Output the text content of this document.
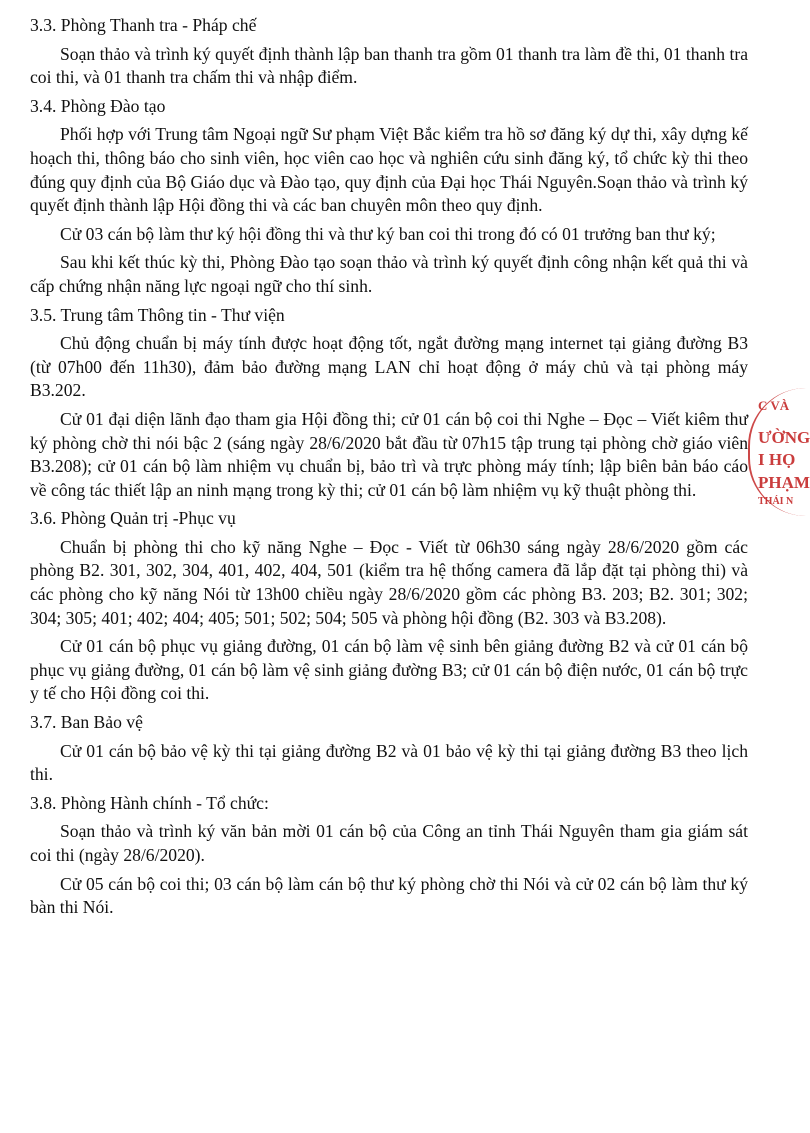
3.3. Phòng Thanh tra - Pháp chế

Soạn thảo và trình ký quyết định thành lập ban thanh tra gồm 01 thanh tra làm đề thi, 01 thanh tra coi thi, và 01 thanh tra chấm thi và nhập điểm.

3.4. Phòng Đào tạo

Phối hợp với Trung tâm Ngoại ngữ Sư phạm Việt Bắc kiểm tra hồ sơ đăng ký dự thi, xây dựng kế hoạch thi, thông báo cho sinh viên, học viên cao học và nghiên cứu sinh đăng ký, tổ chức kỳ thi theo đúng quy định của Bộ Giáo dục và Đào tạo, quy định của Đại học Thái Nguyên.Soạn thảo và trình ký quyết định thành lập Hội đồng thi và các ban chuyên môn theo quy định.

Cử 03 cán bộ làm thư ký hội đồng thi và thư ký ban coi thi trong đó có 01 trưởng ban thư ký;

Sau khi kết thúc kỳ thi, Phòng Đào tạo soạn thảo và trình ký quyết định công nhận kết quả thi và cấp chứng nhận năng lực ngoại ngữ cho thí sinh.

3.5. Trung tâm Thông tin - Thư viện

Chủ động chuẩn bị máy tính được hoạt động tốt, ngắt đường mạng internet tại giảng đường B3 (từ 07h00 đến 11h30), đảm bảo đường mạng LAN chỉ hoạt động ở máy chủ và tại phòng máy B3.202.

Cử 01 đại diện lãnh đạo tham gia Hội đồng thi; cử 01 cán bộ coi thi Nghe – Đọc – Viết kiêm thư ký phòng chờ thi nói bậc 2 (sáng ngày 28/6/2020 bắt đầu từ 07h15 tập trung tại phòng chờ giáo viên B3.208); cử 01 cán bộ làm nhiệm vụ chuẩn bị, bảo trì và trực phòng máy tính; lập biên bản báo cáo về công tác thiết lập an ninh mạng trong kỳ thi; cử 01 cán bộ làm nhiệm vụ kỹ thuật phòng thi.

3.6. Phòng Quản trị -Phục vụ

Chuẩn bị phòng thi cho kỹ năng Nghe – Đọc - Viết từ 06h30 sáng ngày 28/6/2020 gồm các phòng B2. 301, 302, 304, 401, 402, 404, 501 (kiểm tra hệ thống camera đã lắp đặt tại phòng thi) và các phòng cho kỹ năng Nói từ 13h00 chiều ngày 28/6/2020 gồm các phòng B3. 203; B2. 301; 302; 304; 305; 401; 402; 404; 405; 501; 502; 504; 505 và phòng hội đồng (B2. 303 và B3.208).

Cử 01 cán bộ phục vụ giảng đường, 01 cán bộ làm vệ sinh bên giảng đường B2 và cử 01 cán bộ phục vụ giảng đường, 01 cán bộ làm vệ sinh giảng đường B3; cử 01 cán bộ điện nước, 01 cán bộ trực y tế cho Hội đồng coi thi.

3.7. Ban Bảo vệ

Cử 01 cán bộ bảo vệ kỳ thi tại giảng đường B2 và 01 bảo vệ kỳ thi tại giảng đường B3 theo lịch thi.

3.8. Phòng Hành chính - Tổ chức:

Soạn thảo và trình ký văn bản mời 01 cán bộ của Công an tỉnh Thái Nguyên tham gia giám sát coi thi (ngày 28/6/2020).

Cử 05 cán bộ coi thi; 03 cán bộ làm cán bộ thư ký phòng chờ thi Nói và cử 02 cán bộ làm thư ký bàn thi Nói.

C VÀ
ƯỜNG
I HỌ
PHẠM
THÁI N
